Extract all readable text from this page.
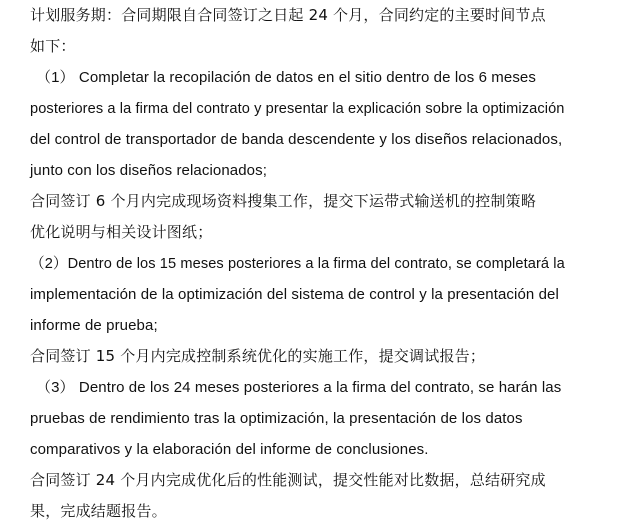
计划服务期：合同期限自合同签订之日起 24 个月，合同约定的主要时间节点
如下：
（1） Completar la recopilación de datos en el sitio dentro de los 6 meses
posteriores a la firma del contrato y presentar la explicación sobre la optimización
del control de transportador de banda descendente y los diseños relacionados,
junto con los diseños relacionados;
合同签订 6 个月内完成现场资料搜集工作，提交下运带式输送机的控制策略
优化说明与相关设计图纸；
（2）Dentro de los 15 meses posteriores a la firma del contrato, se completará la
implementación de la optimización del sistema de control y la presentación del
informe de prueba;
合同签订 15 个月内完成控制系统优化的实施工作，提交调试报告；
（3） Dentro de los 24 meses posteriores a la firma del contrato, se harán las
pruebas de rendimiento tras la optimización, la presentación de los datos
comparativos y la elaboración del informe de conclusiones.
合同签订 24 个月内完成优化后的性能测试，提交性能对比数据，总结研究成
果，完成结题报告。
